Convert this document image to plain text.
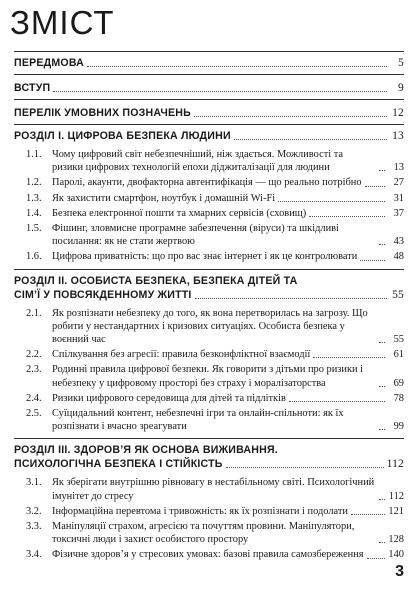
ЗМІСТ
ПЕРЕДМОВА	5
ВСТУП	9
ПЕРЕЛІК УМОВНИХ ПОЗНАЧЕНЬ	12
РОЗДІЛ І. ЦИФРОВА БЕЗПЕКА ЛЮДИНИ	13
1.1.	Чому цифровий світ небезпечніший, ніж здається. Можливості та ризики цифрових технологій епохи діджиталізації для людини	13
1.2.	Паролі, акаунти, двофакторна автентифікація — що реально потрібно	27
1.3.	Як захистити смартфон, ноутбук і домашній Wi-Fi	31
1.4.	Безпека електронної пошти та хмарних сервісів (сховищ)	37
1.5.	Фішинг, зловмисне програмне забезпечення (віруси) та шкідливі посилання: як не стати жертвою	43
1.6.	Цифрова приватність: що про вас знає інтернет і як це контролювати	48
РОЗДІЛ ІІ. ОСОБИСТА БЕЗПЕКА, БЕЗПЕКА ДІТЕЙ ТА
СІМ’Ї У ПОВСЯКДЕННОМУ ЖИТТІ	55
2.1.	Як розпізнати небезпеку до того, як вона перетворилась на загрозу. Що робити у нестандартних і кризових ситуаціях. Особиста безпека у воєнний час	55
2.2.	Спілкування без агресії: правила безконфліктної взаємодії	61
2.3.	Родинні правила цифрової безпеки. Як говорити з дітьми про ризики і небезпеку у цифровому просторі без страху і моралізаторства	69
2.4.	Ризики цифрового середовища для дітей та підлітків	78
2.5.	Суїцидальний контент, небезпечні ігри та онлайн-спільноти: як їх розпізнати і вчасно зреагувати	99
РОЗДІЛ ІІІ. ЗДОРОВ’Я ЯК ОСНОВА ВИЖИВАННЯ.
ПСИХОЛОГІЧНА БЕЗПЕКА І СТІЙКІСТЬ	112
3.1.	Як зберігати внутрішню рівновагу в нестабільному світі. Психологічний імунітет до стресу	112
3.2.	Інформаційна перевтома і тривожність: як їх розпізнати і подолати	121
3.3.	Маніпуляції страхом, агресією та почуттям провини. Маніпулятори, токсичні люди і захист особистого простору	128
3.4.	Фізичне здоров’я у стресових умовах: базові правила самозбереження 140
3
